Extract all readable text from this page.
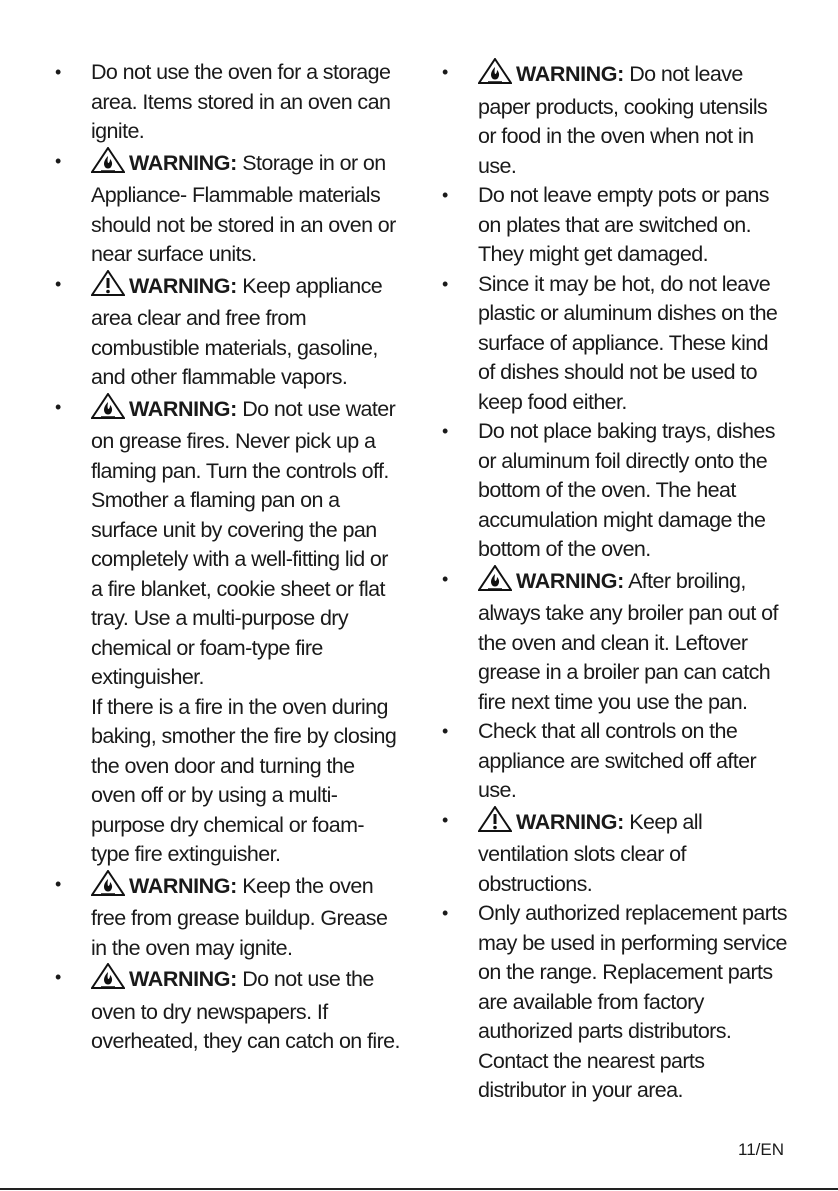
•	Do not use the oven for a storage area. Items stored in an oven can ignite.
•	WARNING: Storage in or on Appliance- Flammable materials should not be stored in an oven or near surface units.
•	WARNING: Keep appliance area clear and free from combustible materials, gasoline, and other flammable vapors.
•	WARNING: Do not use water on grease fires. Never pick up a flaming pan. Turn the controls off. Smother a flaming pan on a surface unit by covering the pan completely with a well-fitting lid or a fire blanket, cookie sheet or flat tray. Use a multi-purpose dry chemical or foam-type fire extinguisher.
If there is a fire in the oven during baking, smother the fire by closing the oven door and turning the oven off or by using a multi-purpose dry chemical or foam-type fire extinguisher.
•	WARNING: Keep the oven free from grease buildup. Grease in the oven may ignite.
•	WARNING: Do not use the oven to dry newspapers. If overheated, they can catch on fire.
•	WARNING: Do not leave paper products, cooking utensils or food in the oven when not in use.
•	Do not leave empty pots or pans on plates that are switched on. They might get damaged.
•	Since it may be hot, do not leave plastic or aluminum dishes on the surface of appliance. These kind of dishes should not be used to keep food either.
•	Do not place baking trays, dishes or aluminum foil directly onto the bottom of the oven. The heat accumulation might damage the bottom of the oven.
•	WARNING: After broiling, always take any broiler pan out of the oven and clean it. Leftover grease in a broiler pan can catch fire next time you use the pan.
•	Check that all controls on the appliance are switched off after use.
•	WARNING: Keep all ventilation slots clear of obstructions.
•	Only authorized replacement parts may be used in performing service on the range. Replacement parts are available from factory authorized parts distributors. Contact the nearest parts distributor in your area.
11/EN
